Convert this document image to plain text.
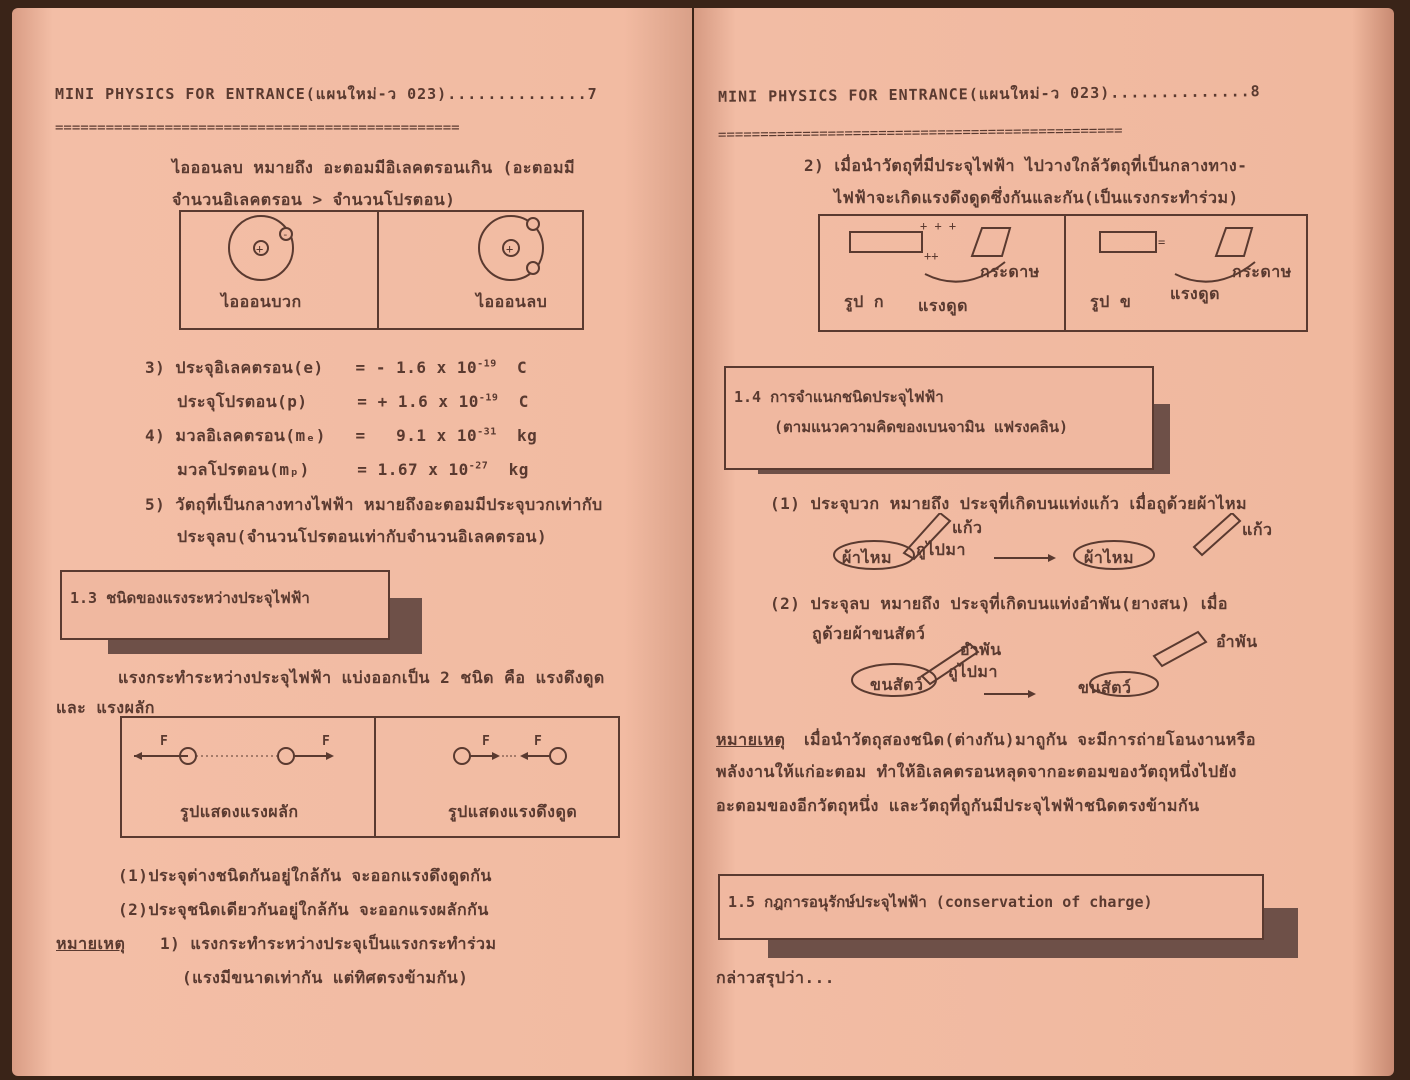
MINI PHYSICS FOR ENTRANCE(แผนใหม่-ว 023)..............7
================================================
ไอออนลบ หมายถึง อะตอมมีอิเลคตรอนเกิน (อะตอมมี
จำนวนอิเลคตรอน > จำนวนโปรตอน)
+
-
+
ไอออนบวก	ไอออนลบ
3) ประจุอิเลคตรอน(e) = - 1.6 x $10^{-19}$ C
ประจุโปรตอน(p)	= + 1.6 x $10^{-19}$ C
4) มวลอิเลคตรอน(mₑ) = 9.1 x $10^{-31}$ kg
มวลโปรตอน(mₚ)	= 1.67 x $10^{-27}$ kg
5) วัตถุที่เป็นกลางทางไฟฟ้า หมายถึงอะตอมมีประจุบวกเท่ากับ
ประจุลบ(จำนวนโปรตอนเท่ากับจำนวนอิเลคตรอน)
1.3 ชนิดของแรงระหว่างประจุไฟฟ้า
แรงกระทำระหว่างประจุไฟฟ้า แบ่งออกเป็น 2 ชนิด คือ แรงดึงดูด
และ แรงผลัก
F	F	F	F
รูปแสดงแรงผลัก	รูปแสดงแรงดึงดูด
(1)ประจุต่างชนิดกันอยู่ใกล้กัน จะออกแรงดึงดูดกัน
(2)ประจุชนิดเดียวกันอยู่ใกล้กัน จะออกแรงผลักกัน
หมายเหตุ 1) แรงกระทำระหว่างประจุเป็นแรงกระทำร่วม
(แรงมีขนาดเท่ากัน แต่ทิศตรงข้ามกัน)
MINI PHYSICS FOR ENTRANCE(แผนใหม่-ว 023)..............8
================================================
2) เมื่อนำวัตถุที่มีประจุไฟฟ้า ไปวางใกล้วัตถุที่เป็นกลางทาง-
ไฟฟ้าจะเกิดแรงดึงดูดซึ่งกันและกัน(เป็นแรงกระทำร่วม)
+ + +
++
=
กระดาษ
แรงดูด
รูป ก
กระดาษ
แรงดูด
รูป ข
1.4 การจำแนกชนิดประจุไฟฟ้า
(ตามแนวความคิดของเบนจามิน แฟรงคลิน)
(1) ประจุบวก หมายถึง ประจุที่เกิดบนแท่งแก้ว เมื่อถูด้วยผ้าไหม
แก้ว
ผ้าไหม ถูไปมา	ผ้าไหม
แก้ว
(2) ประจุลบ หมายถึง ประจุที่เกิดบนแท่งอำพัน(ยางสน) เมื่อ
ถูด้วยผ้าขนสัตว์
อำพัน
ขนสัตว์
ถูไปมา
ขนสัตว์
อำพัน
หมายเหตุ เมื่อนำวัตถุสองชนิด(ต่างกัน)มาถูกัน จะมีการถ่ายโอนงานหรือ
พลังงานให้แก่อะตอม ทำให้อิเลคตรอนหลุดจากอะตอมของวัตถุหนึ่งไปยัง
อะตอมของอีกวัตถุหนึ่ง และวัตถุที่ถูกันมีประจุไฟฟ้าชนิดตรงข้ามกัน
1.5 กฎการอนุรักษ์ประจุไฟฟ้า (conservation of charge)
กล่าวสรุปว่า...
